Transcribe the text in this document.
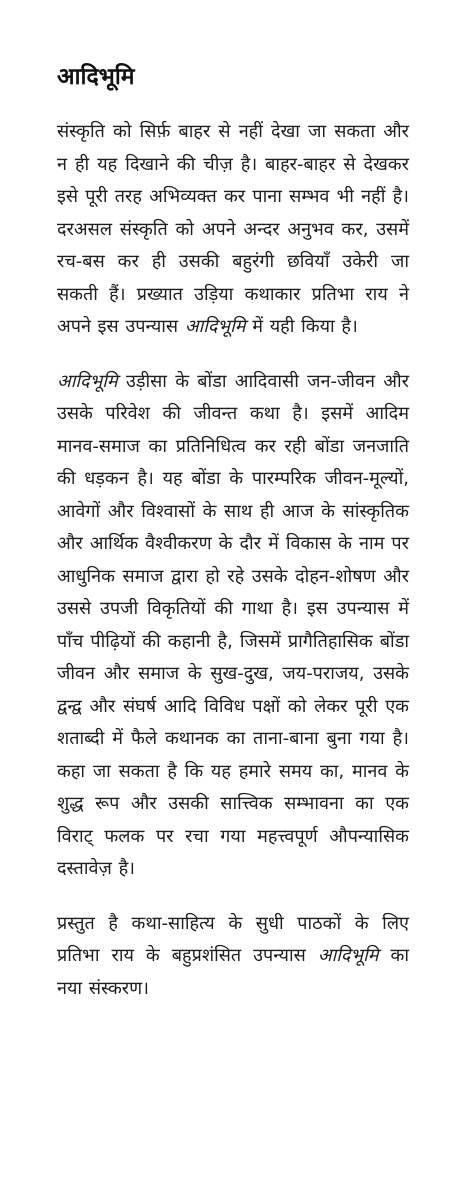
आदिभूमि

संस्कृति को सिर्फ़ बाहर से नहीं देखा जा सकता और न ही यह दिखाने की चीज़ है। बाहर-बाहर से देखकर इसे पूरी तरह अभिव्यक्त कर पाना सम्भव भी नहीं है। दरअसल संस्कृति को अपने अन्दर अनुभव कर, उसमें रच-बस कर ही उसकी बहुरंगी छवियाँ उकेरी जा सकती हैं। प्रख्यात उड़िया कथाकार प्रतिभा राय ने अपने इस उपन्यास आदिभूमि में यही किया है।

आदिभूमि उड़ीसा के बोंडा आदिवासी जन-जीवन और उसके परिवेश की जीवन्त कथा है। इसमें आदिम मानव-समाज का प्रतिनिधित्व कर रही बोंडा जनजाति की धड़कन है। यह बोंडा के पारम्परिक जीवन-मूल्यों, आवेगों और विश्वासों के साथ ही आज के सांस्कृतिक और आर्थिक वैश्वीकरण के दौर में विकास के नाम पर आधुनिक समाज द्वारा हो रहे उसके दोहन-शोषण और उससे उपजी विकृतियों की गाथा है। इस उपन्यास में पाँच पीढ़ियों की कहानी है, जिसमें प्रागैतिहासिक बोंडा जीवन और समाज के सुख-दुख, जय-पराजय, उसके द्वन्द्व और संघर्ष आदि विविध पक्षों को लेकर पूरी एक शताब्दी में फैले कथानक का ताना-बाना बुना गया है। कहा जा सकता है कि यह हमारे समय का, मानव के शुद्ध रूप और उसकी सात्त्विक सम्भावना का एक विराट् फलक पर रचा गया महत्त्वपूर्ण औपन्यासिक दस्तावेज़ है।

प्रस्तुत है कथा-साहित्य के सुधी पाठकों के लिए प्रतिभा राय के बहुप्रशंसित उपन्यास आदिभूमि का नया संस्करण।
